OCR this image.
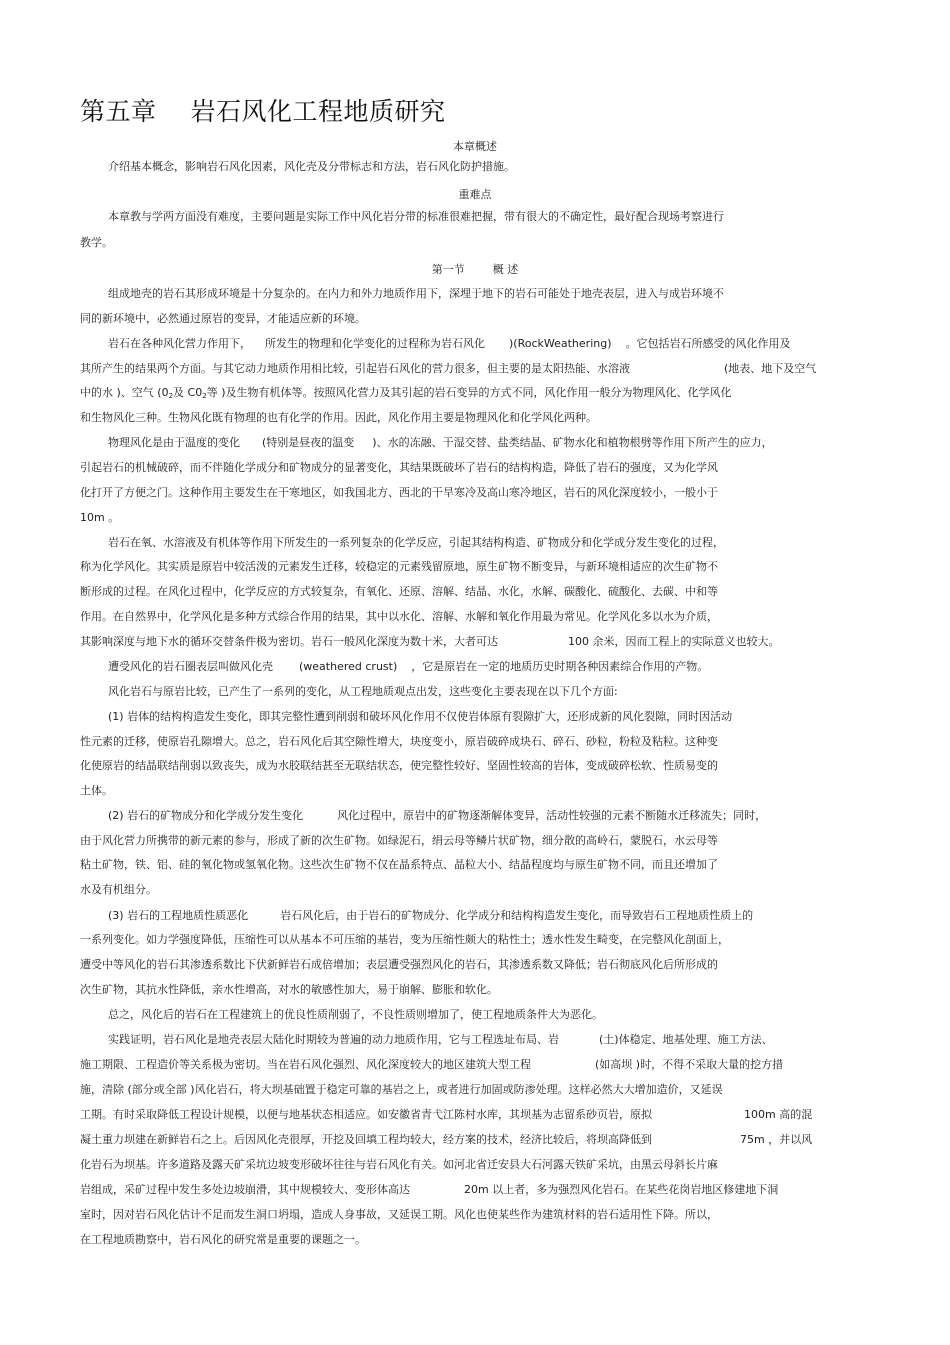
第五章 岩石风化工程地质研究
本章概述
介绍基本概念，影响岩石风化因素，风化壳及分带标志和方法，岩石风化防护措施。
重难点
本章教与学两方面没有难度，主要问题是实际工作中风化岩分带的标准很难把握，带有很大的不确定性，最好配合现场考察进行
教学。
第一节	概 述
组成地壳的岩石其形成环境是十分复杂的。在内力和外力地质作用下，深埋于地下的岩石可能处于地壳表层，进入与成岩环境不
同的新环境中，必然通过原岩的变异，才能适应新的环境。
岩石在各种风化营力作用下， 所发生的物理和化学变化的过程称为岩石风化 )(RockWeathering) 。它包括岩石所感受的风化作用及
其所产生的结果两个方面。与其它动力地质作用相比较，引起岩石风化的营力很多，但主要的是太阳热能、水溶液	(地表、地下及空气
中的水 )、空气 ($0_2$及 $C0_2$等 )及生物有机体等。按照风化营力及其引起的岩石变异的方式不同，风化作用一般分为物理风化、化学风化
和生物风化三种。生物风化既有物理的也有化学的作用。因此，风化作用主要是物理风化和化学风化两种。
物理风化是由于温度的变化 (特别是昼夜的温变 )、水的冻融、干湿交替、盐类结晶、矿物水化和植物根劈等作用下所产生的应力，
引起岩石的机械破碎，而不伴随化学成分和矿物成分的显著变化，其结果既破坏了岩石的结构构造，降低了岩石的强度，又为化学风
化打开了方便之门。这种作用主要发生在干寒地区，如我国北方、西北的干旱寒冷及高山寒冷地区，岩石的风化深度较小，一般小于
10m 。
岩石在氧、水溶液及有机体等作用下所发生的一系列复杂的化学反应，引起其结构构造、矿物成分和化学成分发生变化的过程，
称为化学风化。其实质是原岩中较活泼的元素发生迁移，较稳定的元素残留原地，原生矿物不断变异，与新环境相适应的次生矿物不
断形成的过程。在风化过程中，化学反应的方式较复杂，有氧化、还原、溶解、结晶、水化，水解、碳酸化、硫酸化、去碳、中和等
作用。在自然界中，化学风化是多种方式综合作用的结果，其中以水化、溶解、水解和氧化作用最为常见。化学风化多以水为介质，
其影响深度与地下水的循环交替条件极为密切。岩石一般风化深度为数十米，大者可达	100 余米，因而工程上的实际意义也较大。
遭受风化的岩石圈表层叫做风化壳 (weathered crust) ，它是原岩在一定的地质历史时期各种因素综合作用的产物。
风化岩石与原岩比较，已产生了一系列的变化，从工程地质观点出发，这些变化主要表现在以下几个方面:
(1) 岩体的结构构造发生变化，即其完整性遭到削弱和破坏风化作用不仅使岩体原有裂隙扩大，还形成新的风化裂隙，同时因活动
性元素的迁移，使原岩孔隙增大。总之，岩石风化后其空隙性增大，块度变小，原岩破碎成块石、碎石、砂粒，粉粒及粘粒。这种变
化使原岩的结晶联结削弱以致丧失，成为水胶联结甚至无联结状态，使完整性较好、坚固性较高的岩体，变成破碎松软、性质易变的
土体。
(2) 岩石的矿物成分和化学成分发生变化	风化过程中，原岩中的矿物逐渐解体变异，活动性较强的元素不断随水迁移流失；同时，
由于风化营力所携带的新元素的参与，形成了新的次生矿物。如绿泥石，绢云母等鳞片状矿物，细分散的高岭石，蒙脱石，水云母等
粘土矿物，铁、铝、硅的氧化物或氢氧化物。这些次生矿物不仅在晶系特点、晶粒大小、结晶程度均与原生矿物不同，而且还增加了
水及有机组分。
(3) 岩石的工程地质性质恶化	岩石风化后，由于岩石的矿物成分、化学成分和结构构造发生变化，而导致岩石工程地质性质上的
一系列变化。如力学强度降低，压缩性可以从基本不可压缩的基岩，变为压缩性颇大的粘性土；透水性发生畸变，在完整风化剖面上，
遭受中等风化的岩石其渗透系数比下伏新鲜岩石成倍增加；表层遭受强烈风化的岩石，其渗透系数又降低；岩石彻底风化后所形成的
次生矿物，其抗水性降低，亲水性增高，对水的敏感性加大，易于崩解、膨胀和软化。
总之，风化后的岩石在工程建筑上的优良性质削弱了，不良性质则增加了，使工程地质条件大为恶化。
实践证明，岩石风化是地壳表层大陆化时期较为普遍的动力地质作用，它与工程选址布局、岩	(土)体稳定、地基处理、施工方法、
施工期限、工程造价等关系极为密切。当在岩石风化强烈、风化深度较大的地区建筑大型工程	(如高坝 )时，不得不采取大量的挖方措
施，清除 (部分或全部 )风化岩石，将大坝基础置于稳定可靠的基岩之上，或者进行加固或防渗处理。这样必然大大增加造价，又延误
工期。有时采取降低工程设计规模，以便与地基状态相适应。如安徽省青弋江陈村水库，其坝基为志留系砂页岩，原拟	100m 高的混
凝土重力坝建在新鲜岩石之上。后因风化壳很厚，开挖及回填工程均较大，经方案的技术，经济比较后，将坝高降低到	75m ，并以风
化岩石为坝基。许多道路及露天矿采坑边坡变形破坏往往与岩石风化有关。如河北省迁安县大石河露天铁矿采坑，由黑云母斜长片麻
岩组成，采矿过程中发生多处边坡崩滑，其中规模较大、变形体高达	20m 以上者，多为强烈风化岩石。在某些花岗岩地区修建地下洞
室时，因对岩石风化估计不足而发生洞口坍塌，造成人身事故，又延误工期。风化也使某些作为建筑材料的岩石适用性下降。所以，
在工程地质勘察中，岩石风化的研究常是重要的课题之一。
